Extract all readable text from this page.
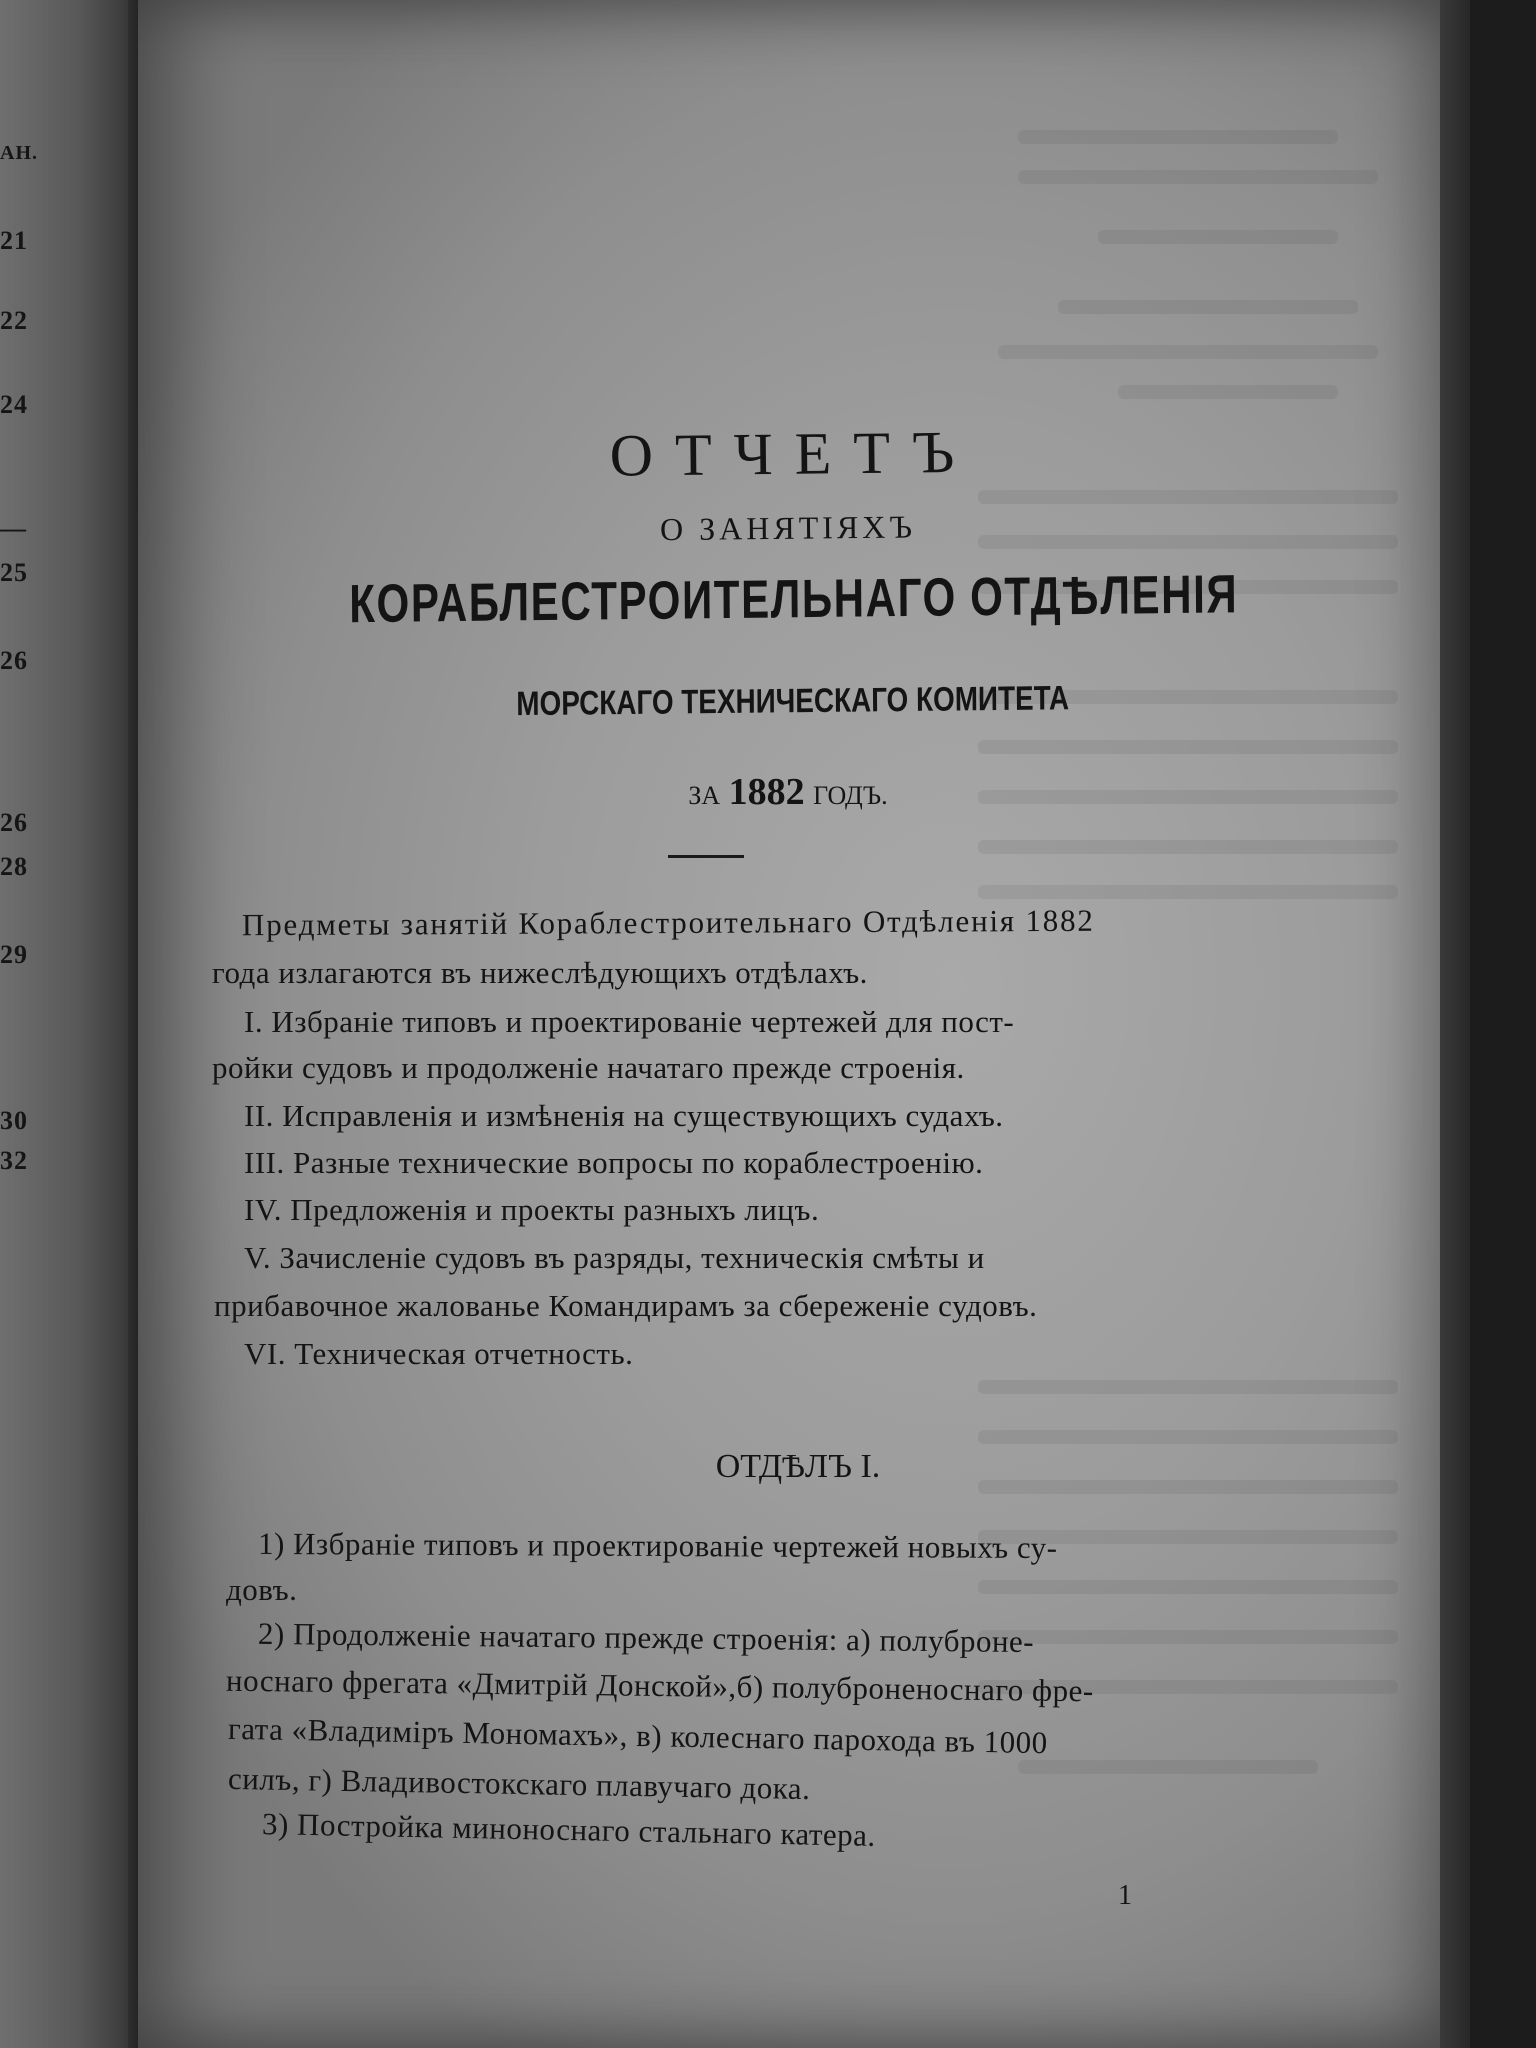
АН.
21
22
24
—
25
26
26
28
29
30
32
ОТЧЕТЪ
О ЗАНЯТІЯХЪ
КОРАБЛЕСТРОИТЕЛЬНАГО ОТДѢЛЕНІЯ
МОРСКАГО ТЕХНИЧЕСКАГО КОМИТЕТА
ЗА 1882 ГОДЪ.
Предметы занятій Кораблестроительнаго Отдѣленія 1882
года излагаются въ нижеслѣдующихъ отдѣлахъ.
I. Избраніе типовъ и проектированіе чертежей для пост-
ройки судовъ и продолженіе начатаго прежде строенія.
II. Исправленія и измѣненія на существующихъ судахъ.
III. Разные технические вопросы по кораблестроенію.
IV. Предложенія и проекты разныхъ лицъ.
V. Зачисленіе судовъ въ разряды, техническія смѣты и
прибавочное жалованье Командирамъ за сбереженіе судовъ.
VI. Техническая отчетность.
ОТДѢЛЪ I.
1) Избраніе типовъ и проектированіе чертежей новыхъ су-
довъ.
2) Продолженіе начатаго прежде строенія: а) полуброне-
носнаго фрегата «Дмитрій Донской»,б) полуброненоснаго фре-
гата «Владиміръ Мономахъ», в) колеснаго парохода въ 1000
силъ, г) Владивостокскаго плавучаго дока.
3) Постройка миноноснаго стальнаго катера.
1
